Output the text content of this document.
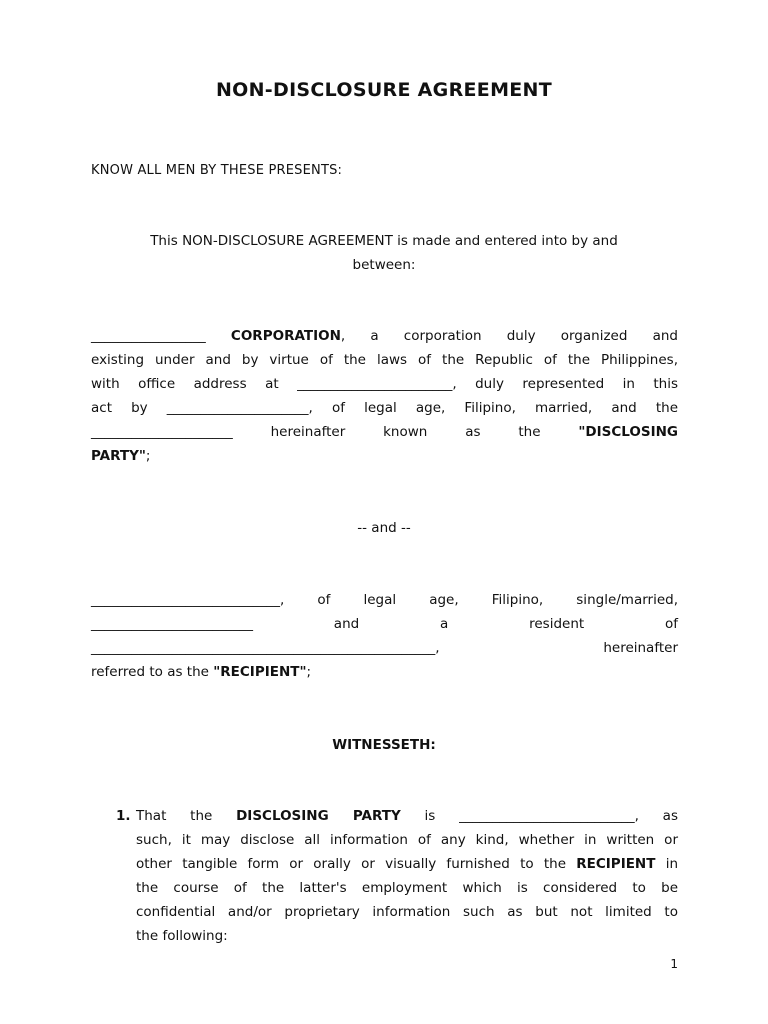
NON-DISCLOSURE AGREEMENT
KNOW ALL MEN BY THESE PRESENTS:
This NON-DISCLOSURE AGREEMENT is made and entered into by and
between:
_________________ CORPORATION, a corporation duly organized and
existing under and by virtue of the laws of the Republic of the Philippines,
with office address at _______________________, duly represented in this
act by _____________________, of legal age, Filipino, married, and the
_____________________ hereinafter known as the "DISCLOSING
PARTY";
-- and --
____________________________, of legal age, Filipino, single/married,
________________________ and a resident of
___________________________________________________, hereinafter
referred to as the "RECIPIENT";
WITNESSETH:
1. That the DISCLOSING PARTY is __________________________, as
such, it may disclose all information of any kind, whether in written or
other tangible form or orally or visually furnished to the RECIPIENT in
the course of the latter's employment which is considered to be
confidential and/or proprietary information such as but not limited to
the following:
1
